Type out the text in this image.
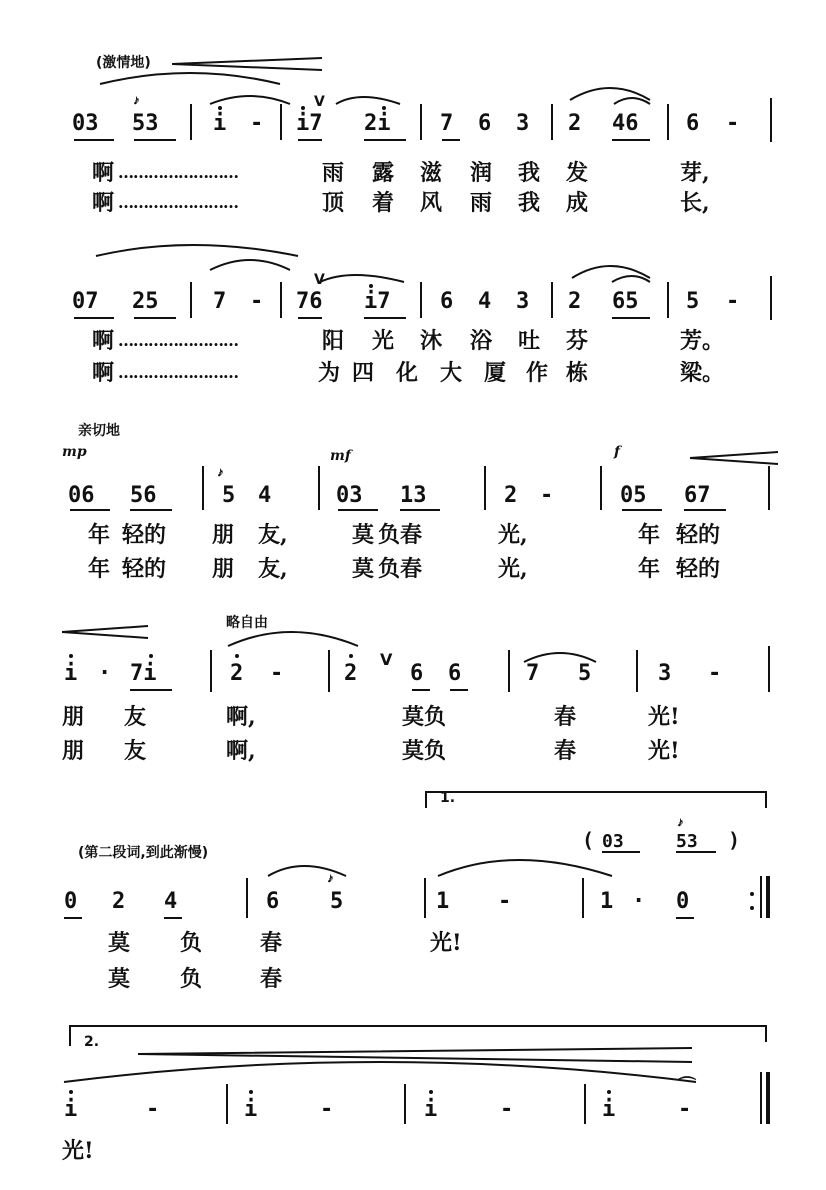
(激情地)
03 53 i - i7 2i 7 6 3 2 46 6 -
啊 ……………………	雨 露 滋 润 我 发	芽,
啊 ……………………	顶 着 风 雨 我 成	长,
07 25 7 - 76 i7 6 4 3 2 65 5 -
啊 ……………………	阳 光 沐 浴 吐 芬	芳。
啊 ……………………	为 四 化 大 厦 作 栋	梁。
亲切地
mp	mf	f
06 56	5 4	03 13	2 -	05 67
年 轻的 朋 友,	莫 负春	光,	年 轻的
年 轻的 朋 友,	莫 负春	光,	年 轻的
略自由
i · 7i	2 -	2
V
6 6	7 5	3 -
朋 友	啊,	莫负	春	光!
朋 友	啊,	莫负	春	光!
1.
(第二段词,到此渐慢)
( 03	53 )
0 2 4	6 5	1 -	1 · 0
莫 负	春	光!
莫 负	春
2.
i	-	i	-	i	-	i	-
⌒
光!
𝆔
𝆔
𝆔
𝆔
V
V
